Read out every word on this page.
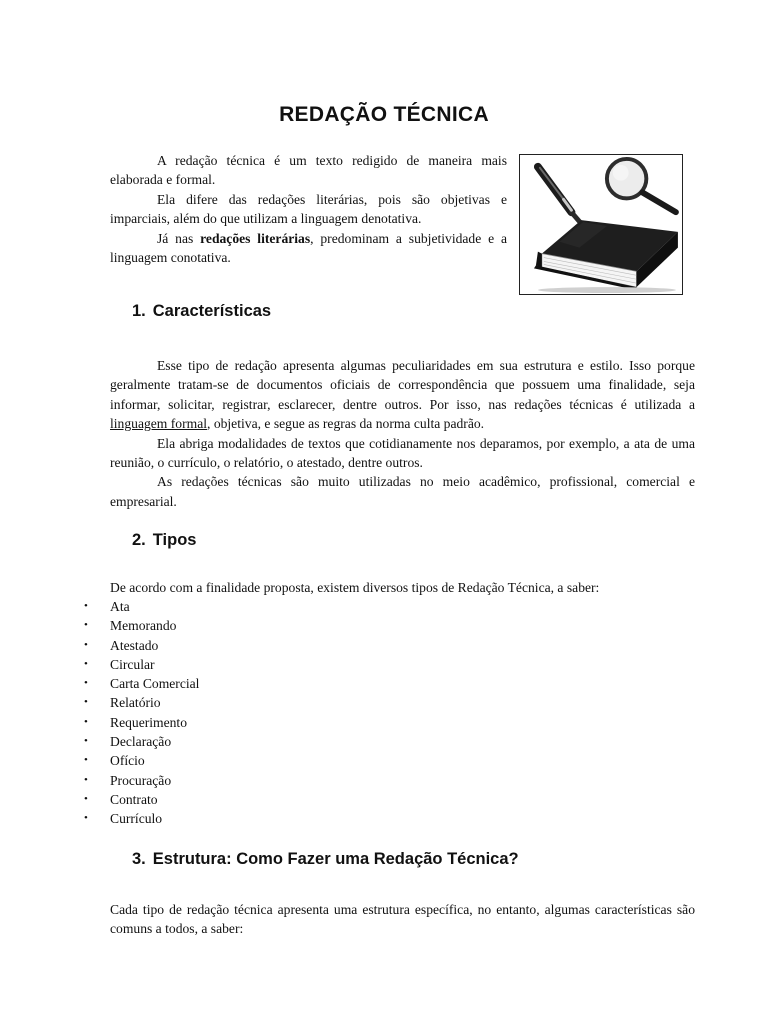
REDAÇÃO TÉCNICA

A redação técnica é um texto redigido de maneira mais elaborada e formal.

Ela difere das redações literárias, pois são objetivas e imparciais, além do que utilizam a linguagem denotativa.

Já nas redações literárias, predominam a subjetividade e a linguagem conotativa.

1. Características

Esse tipo de redação apresenta algumas peculiaridades em sua estrutura e estilo. Isso porque geralmente tratam-se de documentos oficiais de correspondência que possuem uma finalidade, seja informar, solicitar, registrar, esclarecer, dentre outros. Por isso, nas redações técnicas é utilizada a linguagem formal, objetiva, e segue as regras da norma culta padrão.

Ela abriga modalidades de textos que cotidianamente nos deparamos, por exemplo, a ata de uma reunião, o currículo, o relatório, o atestado, dentre outros.

As redações técnicas são muito utilizadas no meio acadêmico, profissional, comercial e empresarial.

2. Tipos
De acordo com a finalidade proposta, existem diversos tipos de Redação Técnica, a saber:
•	Ata
•	Memorando
•	Atestado
•	Circular
•	Carta Comercial
•	Relatório
•	Requerimento
•	Declaração
•	Ofício
•	Procuração
•	Contrato
•	Currículo
3. Estrutura: Como Fazer uma Redação Técnica?

Cada tipo de redação técnica apresenta uma estrutura específica, no entanto, algumas características são comuns a todos, a saber:
